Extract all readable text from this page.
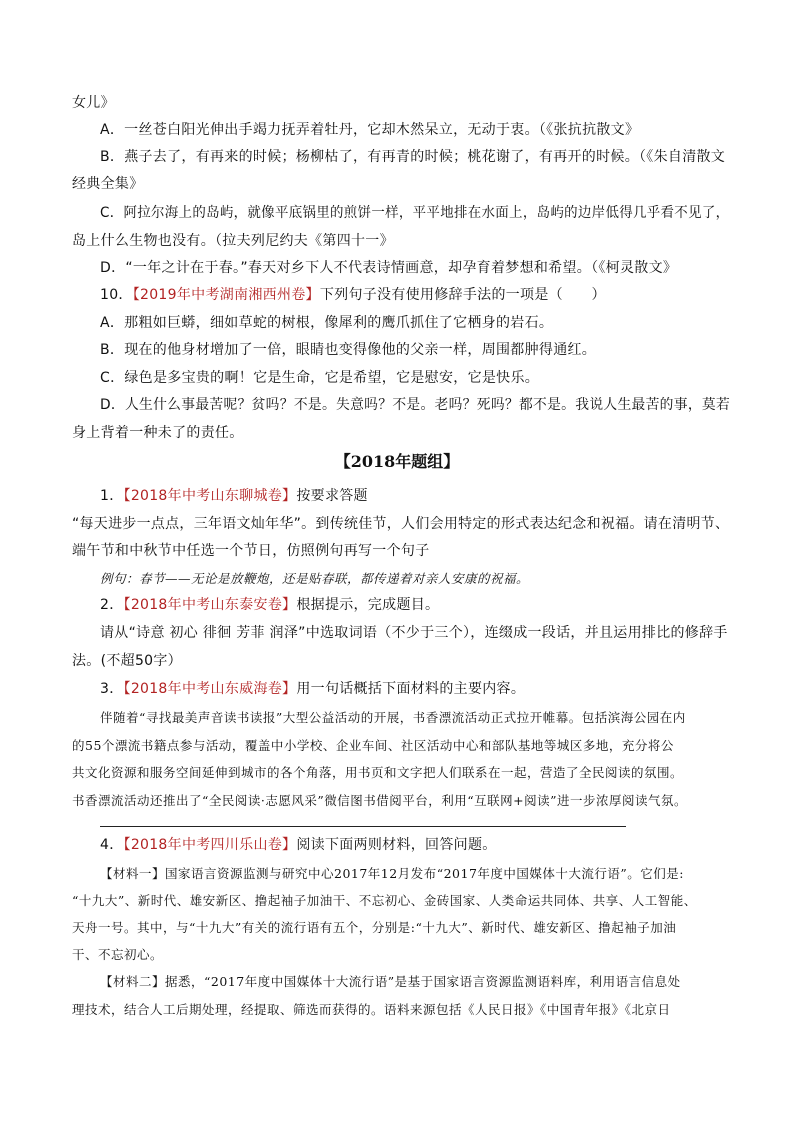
女儿》
A．一丝苍白阳光伸出手竭力抚弄着牡丹，它却木然呆立，无动于衷。（《张抗抗散文》
B．燕子去了，有再来的时候；杨柳枯了，有再青的时候；桃花谢了，有再开的时候。（《朱自清散文
经典全集》
C．阿拉尔海上的岛屿，就像平底锅里的煎饼一样，平平地排在水面上，岛屿的边岸低得几乎看不见了，
岛上什么生物也没有。（拉夫列尼约夫《第四十一》
D．“一年之计在于春。”春天对乡下人不代表诗情画意，却孕育着梦想和希望。（《柯灵散文》
10．【2019年中考湖南湘西州卷】下列句子没有使用修辞手法的一项是（　　）
A．那粗如巨蟒，细如草蛇的树根，像犀利的鹰爪抓住了它栖身的岩石。
B．现在的他身材增加了一倍，眼睛也变得像他的父亲一样，周围都肿得通红。
C．绿色是多宝贵的啊！它是生命，它是希望，它是慰安，它是快乐。
D．人生什么事最苦呢？贫吗？不是。失意吗？不是。老吗？死吗？都不是。我说人生最苦的事，莫若
身上背着一种未了的责任。
【2018年题组】
1．【2018年中考山东聊城卷】按要求答题
“每天进步一点点，三年语文灿年华”。到传统佳节，人们会用特定的形式表达纪念和祝福。请在清明节、
端午节和中秋节中任选一个节日，仿照例句再写一个句子
例句：春节——无论是放鞭炮，还是贴春联，都传递着对亲人安康的祝福。
2．【2018年中考山东泰安卷】根据提示，完成题目。
请从“诗意 初心 徘徊 芳菲 润泽”中选取词语（不少于三个），连缀成一段话，并且运用排比的修辞手
法。(不超50字）
3．【2018年中考山东威海卷】用一句话概括下面材料的主要内容。
伴随着“寻找最美声音读书读报”大型公益活动的开展，书香漂流活动正式拉开帷幕。包括滨海公园在内
的55个漂流书籍点参与活动，覆盖中小学校、企业车间、社区活动中心和部队基地等城区多地，充分将公
共文化资源和服务空间延伸到城市的各个角落，用书页和文字把人们联系在一起，营造了全民阅读的氛围。
书香漂流活动还推出了“全民阅读·志愿风采”微信图书借阅平台，利用“互联网+阅读”进一步浓厚阅读气氛。
4．【2018年中考四川乐山卷】阅读下面两则材料，回答问题。
【材料一】国家语言资源监测与研究中心2017年12月发布“2017年度中国媒体十大流行语”。它们是:
“十九大”、新时代、雄安新区、撸起袖子加油干、不忘初心、金砖国家、人类命运共同体、共享、人工智能、
天舟一号。其中，与“十九大”有关的流行语有五个，分别是:“十九大”、新时代、雄安新区、撸起袖子加油
干、不忘初心。
【材料二】据悉，“2017年度中国媒体十大流行语”是基于国家语言资源监测语料库，利用语言信息处
理技术，结合人工后期处理，经提取、筛选而获得的。语料来源包括《人民日报》《中国青年报》《北京日
